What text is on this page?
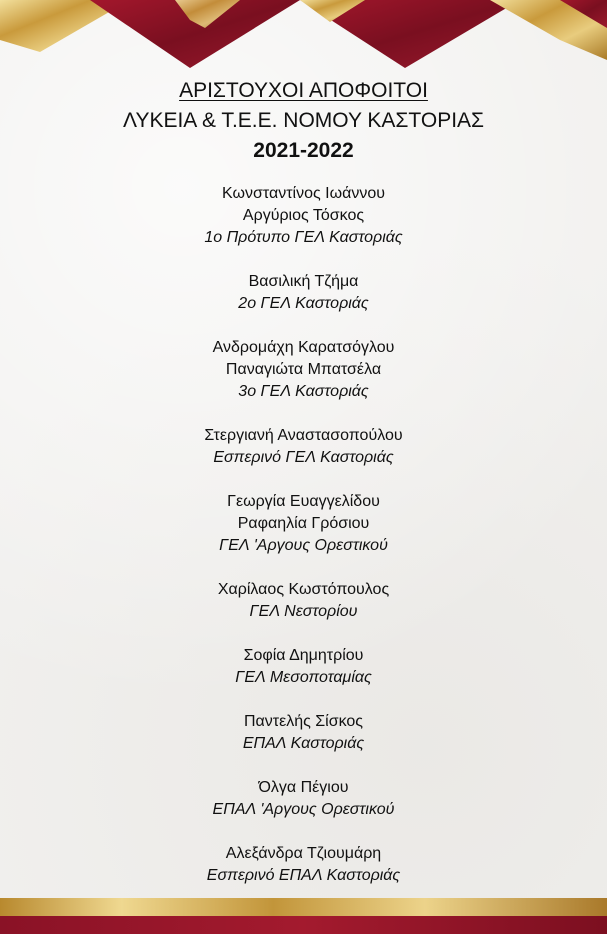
ΑΡΙΣΤΟΥΧΟΙ ΑΠΟΦΟΙΤΟΙ
ΛΥΚΕΙΑ & Τ.Ε.Ε. ΝΟΜΟΥ ΚΑΣΤΟΡΙΑΣ
2021-2022
Κωνσταντίνος Ιωάννου
Αργύριος Τόσκος
1ο Πρότυπο ΓΕΛ Καστοριάς
Βασιλική Τζήμα
2ο ΓΕΛ Καστοριάς
Ανδρομάχη Καρατσόγλου
Παναγιώτα Μπατσέλα
3ο ΓΕΛ Καστοριάς
Στεργιανή Αναστασοπούλου
Εσπερινό ΓΕΛ Καστοριάς
Γεωργία Ευαγγελίδου
Ραφαηλία Γρόσιου
ΓΕΛ 'Αργους Ορεστικού
Χαρίλαος Κωστόπουλος
ΓΕΛ Νεστορίου
Σοφία Δημητρίου
ΓΕΛ Μεσοποταμίας
Παντελής Σίσκος
ΕΠΑΛ Καστοριάς
Όλγα Πέγιου
ΕΠΑΛ 'Αργους Ορεστικού
Αλεξάνδρα Τζιουμάρη
Εσπερινό ΕΠΑΛ Καστοριάς
